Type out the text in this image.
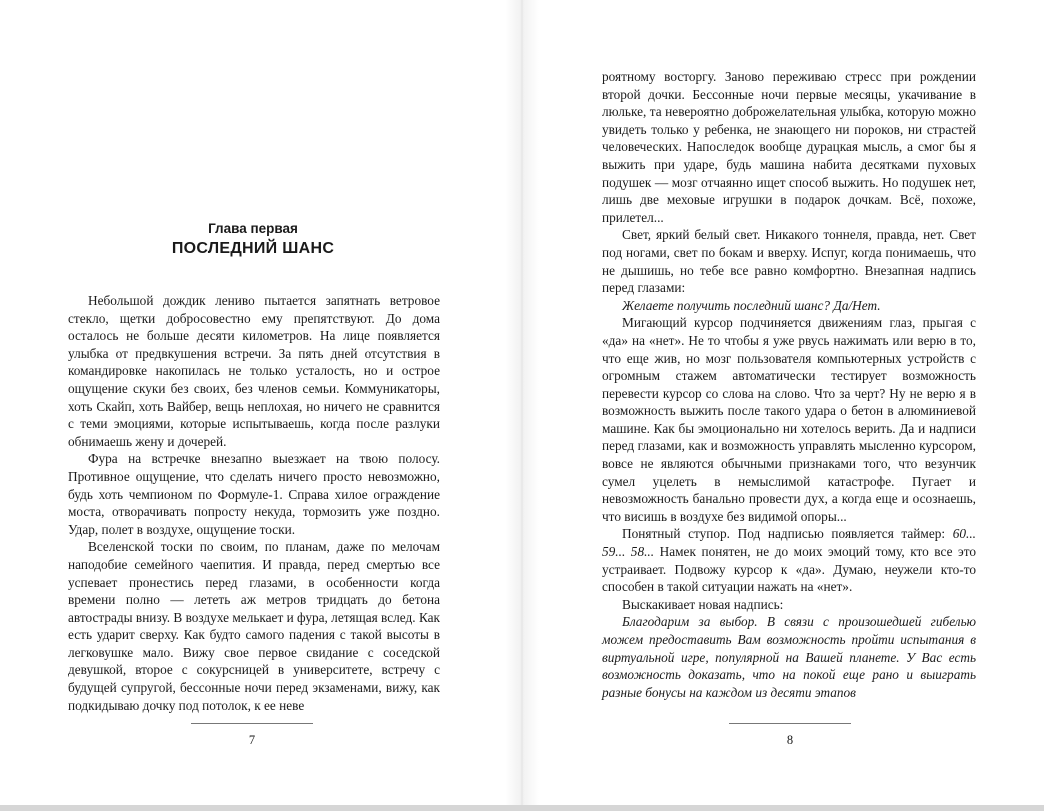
Глава первая
ПОСЛЕДНИЙ ШАНС

Небольшой дождик лениво пытается запятнать ветровое стекло, щетки добросовестно ему препятствуют. До дома осталось не больше десяти километров. На лице появляется улыбка от предвкушения встречи. За пять дней отсутствия в командировке накопилась не только усталость, но и острое ощущение скуки без своих, без членов семьи. Коммуникаторы, хоть Скайп, хоть Вайбер, вещь неплохая, но ничего не сравнится с теми эмоциями, которые испытываешь, когда после разлуки обнимаешь жену и дочерей.

Фура на встречке внезапно выезжает на твою полосу. Противное ощущение, что сделать ничего просто невозможно, будь хоть чемпионом по Формуле-1. Справа хилое ограждение моста, отворачивать попросту некуда, тормозить уже поздно. Удар, полет в воздухе, ощущение тоски.

Вселенской тоски по своим, по планам, даже по мелочам наподобие семейного чаепития. И правда, перед смертью все успевает пронестись перед глазами, в особенности когда времени полно — лететь аж метров тридцать до бетона автострады внизу. В воздухе мелькает и фура, летящая вслед. Как есть ударит сверху. Как будто самого падения с такой высоты в легковушке мало. Вижу свое первое свидание с соседской девушкой, второе с сокурсницей в университете, встречу с будущей супругой, бессонные ночи перед экзаменами, вижу, как подкидываю дочку под потолок, к ее неве

7

роятному восторгу. Заново переживаю стресс при рождении второй дочки. Бессонные ночи первые месяцы, укачивание в люльке, та невероятно доброжелательная улыбка, которую можно увидеть только у ребенка, не знающего ни пороков, ни страстей человеческих. Напоследок вообще дурацкая мысль, а смог бы я выжить при ударе, будь машина набита десятками пуховых подушек — мозг отчаянно ищет способ выжить. Но подушек нет, лишь две меховые игрушки в подарок дочкам. Всё, похоже, прилетел...

Свет, яркий белый свет. Никакого тоннеля, правда, нет. Свет под ногами, свет по бокам и вверху. Испуг, когда понимаешь, что не дышишь, но тебе все равно комфортно. Внезапная надпись перед глазами:

Желаете получить последний шанс? Да/Нет.

Мигающий курсор подчиняется движениям глаз, прыгая с «да» на «нет». Не то чтобы я уже рвусь нажимать или верю в то, что еще жив, но мозг пользователя компьютерных устройств с огромным стажем автоматически тестирует возможность перевести курсор со слова на слово. Что за черт? Ну не верю я в возможность выжить после такого удара о бетон в алюминиевой машине. Как бы эмоционально ни хотелось верить. Да и надписи перед глазами, как и возможность управлять мысленно курсором, вовсе не являются обычными признаками того, что везунчик сумел уцелеть в немыслимой катастрофе. Пугает и невозможность банально провести дух, а когда еще и осознаешь, что висишь в воздухе без видимой опоры...

Понятный ступор. Под надписью появляется таймер: 60... 59... 58... Намек понятен, не до моих эмоций тому, кто все это устраивает. Подвожу курсор к «да». Думаю, неужели кто-то способен в такой ситуации нажать на «нет».

Выскакивает новая надпись:

Благодарим за выбор. В связи с произошедшей гибелью можем предоставить Вам возможность пройти испытания в виртуальной игре, популярной на Вашей планете. У Вас есть возможность доказать, что на покой еще рано и выиграть разные бонусы на каждом из десяти этапов

8
